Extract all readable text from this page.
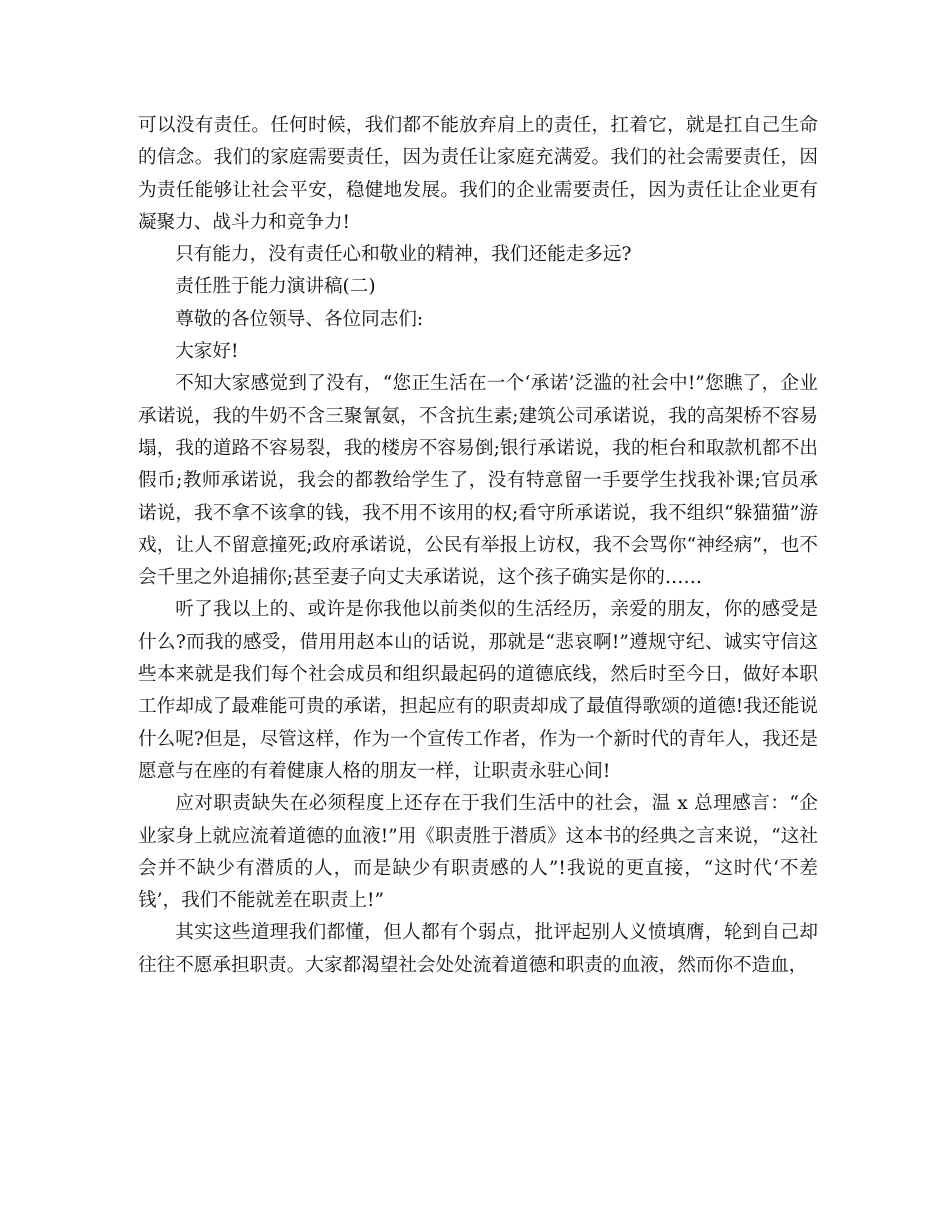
可以没有责任。任何时候，我们都不能放弃肩上的责任，扛着它，就是扛自己生命的信念。我们的家庭需要责任，因为责任让家庭充满爱。我们的社会需要责任，因为责任能够让社会平安，稳健地发展。我们的企业需要责任，因为责任让企业更有凝聚力、战斗力和竞争力!

只有能力，没有责任心和敬业的精神，我们还能走多远?

责任胜于能力演讲稿(二)

尊敬的各位领导、各位同志们:

大家好!

不知大家感觉到了没有，“您正生活在一个‘承诺’泛滥的社会中!”您瞧了，企业承诺说，我的牛奶不含三聚氰氨，不含抗生素;建筑公司承诺说，我的高架桥不容易塌，我的道路不容易裂，我的楼房不容易倒;银行承诺说，我的柜台和取款机都不出假币;教师承诺说，我会的都教给学生了，没有特意留一手要学生找我补课;官员承诺说，我不拿不该拿的钱，我不用不该用的权;看守所承诺说，我不组织“躲猫猫”游戏，让人不留意撞死;政府承诺说，公民有举报上访权，我不会骂你“神经病”，也不会千里之外追捕你;甚至妻子向丈夫承诺说，这个孩子确实是你的……

听了我以上的、或许是你我他以前类似的生活经历，亲爱的朋友，你的感受是什么?而我的感受，借用用赵本山的话说，那就是“悲哀啊!”遵规守纪、诚实守信这些本来就是我们每个社会成员和组织最起码的道德底线，然后时至今日，做好本职工作却成了最难能可贵的承诺，担起应有的职责却成了最值得歌颂的道德!我还能说什么呢?但是，尽管这样，作为一个宣传工作者，作为一个新时代的青年人，我还是愿意与在座的有着健康人格的朋友一样，让职责永驻心间!

应对职责缺失在必须程度上还存在于我们生活中的社会，温 x 总理感言：“企业家身上就应流着道德的血液!”用《职责胜于潜质》这本书的经典之言来说，“这社会并不缺少有潜质的人，而是缺少有职责感的人”!我说的更直接，“这时代‘不差钱’，我们不能就差在职责上!”

其实这些道理我们都懂，但人都有个弱点，批评起别人义愤填膺，轮到自己却往往不愿承担职责。大家都渴望社会处处流着道德和职责的血液，然而你不造血，
